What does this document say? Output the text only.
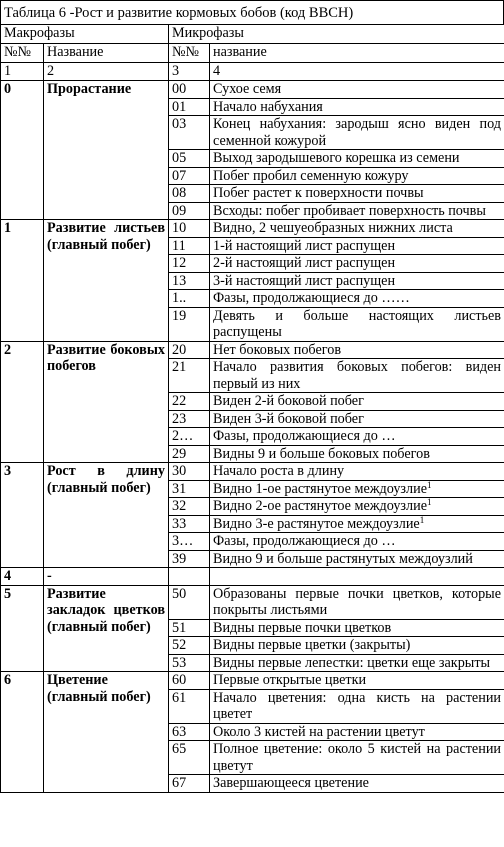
Таблица 6 -Рост и развитие кормовых бобов (код BBCH)
Макрофазы		Микрофазы	
№№	Название	№№	название
1	2	3	4
0	Прорастание	00	Сухое семя
		01	Начало набухания
		03	Конец набухания: зародыш ясно виден под семенной кожурой
		05	Выход зародышевого корешка из семени
		07	Побег пробил семенную кожуру
		08	Побег растет к поверхности почвы
		09	Всходы: побег пробивает поверхность почвы
1	Развитие листьев (главный побег)	10	Видно, 2 чешуеобразных нижних листа
		11	1-й настоящий лист распущен
		12	2-й настоящий лист распущен
		13	3-й настоящий лист распущен
		1..	Фазы, продолжающиеся до ……
		19	Девять и больше настоящих листьев распущены
2	Развитие боковых побегов	20	Нет боковых побегов
		21	Начало развития боковых побегов: виден первый из них
		22	Виден 2-й боковой побег
		23	Виден 3-й боковой побег
		2…	Фазы, продолжающиеся до …
		29	Видны 9 и больше боковых побегов
3	Рост в длину (главный побег)	30	Начало роста в длину
		31	Видно 1-ое растянутое междоузлие$^1$
		32	Видно 2-ое растянутое междоузлие$^1$
		33	Видно 3-е растянутое междоузлие$^1$
		3…	Фазы, продолжающиеся до …
		39	Видно 9 и больше растянутых междоузлий
4	-		
5	Развитие закладок цветков (главный побег)	50	Образованы первые почки цветков, которые покрыты листьями
		51	Видны первые почки цветков
		52	Видны первые цветки (закрыты)
		53	Видны первые лепестки: цветки еще закрыты
6	Цветение (главный побег)	60	Первые открытые цветки
		61	Начало цветения: одна кисть на растении цветет
		63	Около 3 кистей на растении цветут
		65	Полное цветение: около 5 кистей на растении цветут
		67	Завершающееся цветение
